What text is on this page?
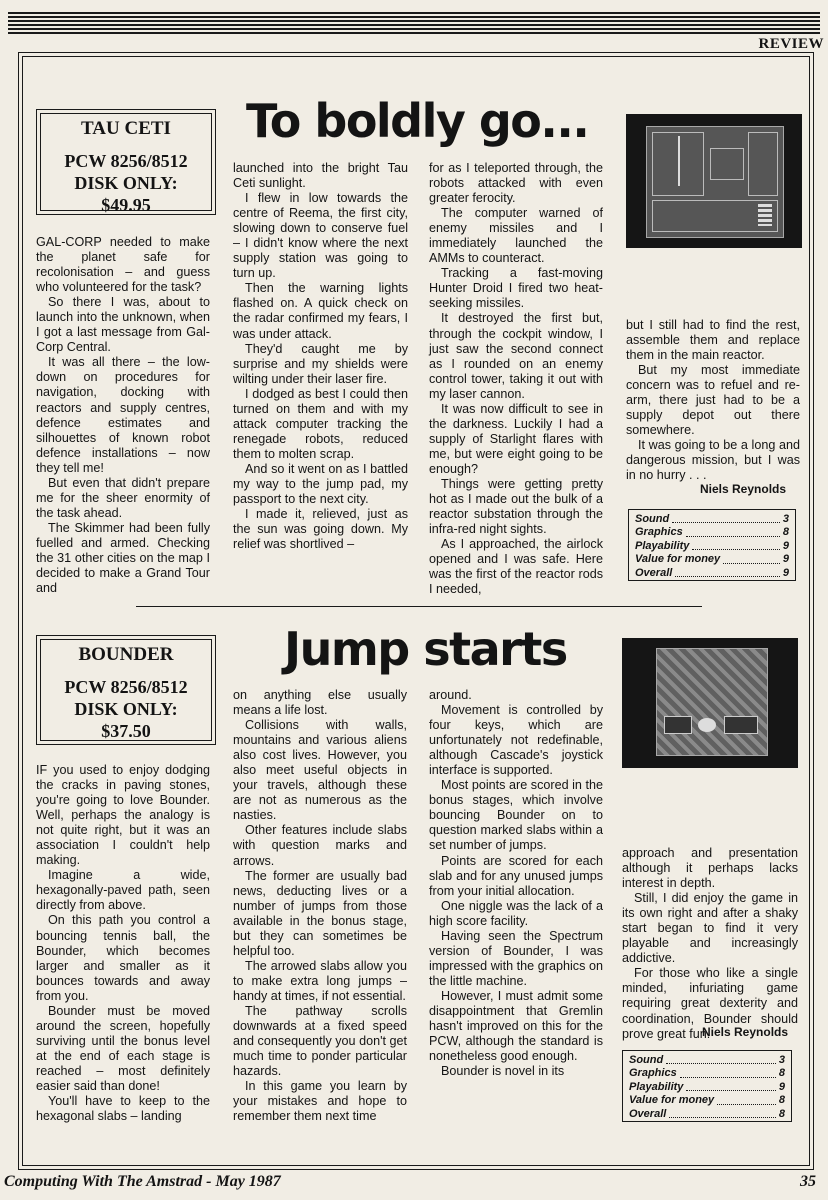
REVIEW
TAU CETI
PCW 8256/8512
DISK ONLY:
$49.95
To boldly go...

GAL-CORP needed to make the planet safe for recolonisation – and guess who volunteered for the task?

So there I was, about to launch into the unknown, when I got a last message from Gal-Corp Central.

It was all there – the low-down on procedures for navigation, docking with reactors and supply centres, defence estimates and silhouettes of known robot defence installations – now they tell me!

But even that didn't prepare me for the sheer enormity of the task ahead.

The Skimmer had been fully fuelled and armed. Checking the 31 other cities on the map I decided to make a Grand Tour and

launched into the bright Tau Ceti sunlight.

I flew in low towards the centre of Reema, the first city, slowing down to conserve fuel – I didn't know where the next supply station was going to turn up.

Then the warning lights flashed on. A quick check on the radar confirmed my fears, I was under attack.

They'd caught me by surprise and my shields were wilting under their laser fire.

I dodged as best I could then turned on them and with my attack computer tracking the renegade robots, reduced them to molten scrap.

And so it went on as I battled my way to the jump pad, my passport to the next city.

I made it, relieved, just as the sun was going down. My relief was shortlived –

for as I teleported through, the robots attacked with even greater ferocity.

The computer warned of enemy missiles and I immediately launched the AMMs to counteract.

Tracking a fast-moving Hunter Droid I fired two heat-seeking missiles.

It destroyed the first but, through the cockpit window, I just saw the second connect as I rounded on an enemy control tower, taking it out with my laser cannon.

It was now difficult to see in the darkness. Luckily I had a supply of Starlight flares with me, but were eight going to be enough?

Things were getting pretty hot as I made out the bulk of a reactor substation through the infra-red night sights.

As I approached, the airlock opened and I was safe. Here was the first of the reactor rods I needed,

but I still had to find the rest, assemble them and replace them in the main reactor.

But my most immediate concern was to refuel and re-arm, there just had to be a supply depot out there somewhere.

It was going to be a long and dangerous mission, but I was in no hurry . . .

Niels Reynolds
Sound	3
Graphics	8
Playability	9
Value for money	9
Overall	9
BOUNDER
PCW 8256/8512
DISK ONLY:
$37.50
Jump starts

IF you used to enjoy dodging the cracks in paving stones, you're going to love Bounder. Well, perhaps the analogy is not quite right, but it was an association I couldn't help making.

Imagine a wide, hexagonally-paved path, seen directly from above.

On this path you control a bouncing tennis ball, the Bounder, which becomes larger and smaller as it bounces towards and away from you.

Bounder must be moved around the screen, hopefully surviving until the bonus level at the end of each stage is reached – most definitely easier said than done!

You'll have to keep to the hexagonal slabs – landing

on anything else usually means a life lost.

Collisions with walls, mountains and various aliens also cost lives. However, you also meet useful objects in your travels, although these are not as numerous as the nasties.

Other features include slabs with question marks and arrows.

The former are usually bad news, deducting lives or a number of jumps from those available in the bonus stage, but they can sometimes be helpful too.

The arrowed slabs allow you to make extra long jumps – handy at times, if not essential.

The pathway scrolls downwards at a fixed speed and consequently you don't get much time to ponder particular hazards.

In this game you learn by your mistakes and hope to remember them next time

around.

Movement is controlled by four keys, which are unfortunately not redefinable, although Cascade's joystick interface is supported.

Most points are scored in the bonus stages, which involve bouncing Bounder on to question marked slabs within a set number of jumps.

Points are scored for each slab and for any unused jumps from your initial allocation.

One niggle was the lack of a high score facility.

Having seen the Spectrum version of Bounder, I was impressed with the graphics on the little machine.

However, I must admit some disappointment that Gremlin hasn't improved on this for the PCW, although the standard is nonetheless good enough.

Bounder is novel in its

approach and presentation although it perhaps lacks interest in depth.

Still, I did enjoy the game in its own right and after a shaky start began to find it very playable and increasingly addictive.

For those who like a single minded, infuriating game requiring great dexterity and coordination, Bounder should prove great fun.

Niels Reynolds
Sound	3
Graphics	8
Playability	9
Value for money	8
Overall	8
Computing With The Amstrad - May 1987	35
